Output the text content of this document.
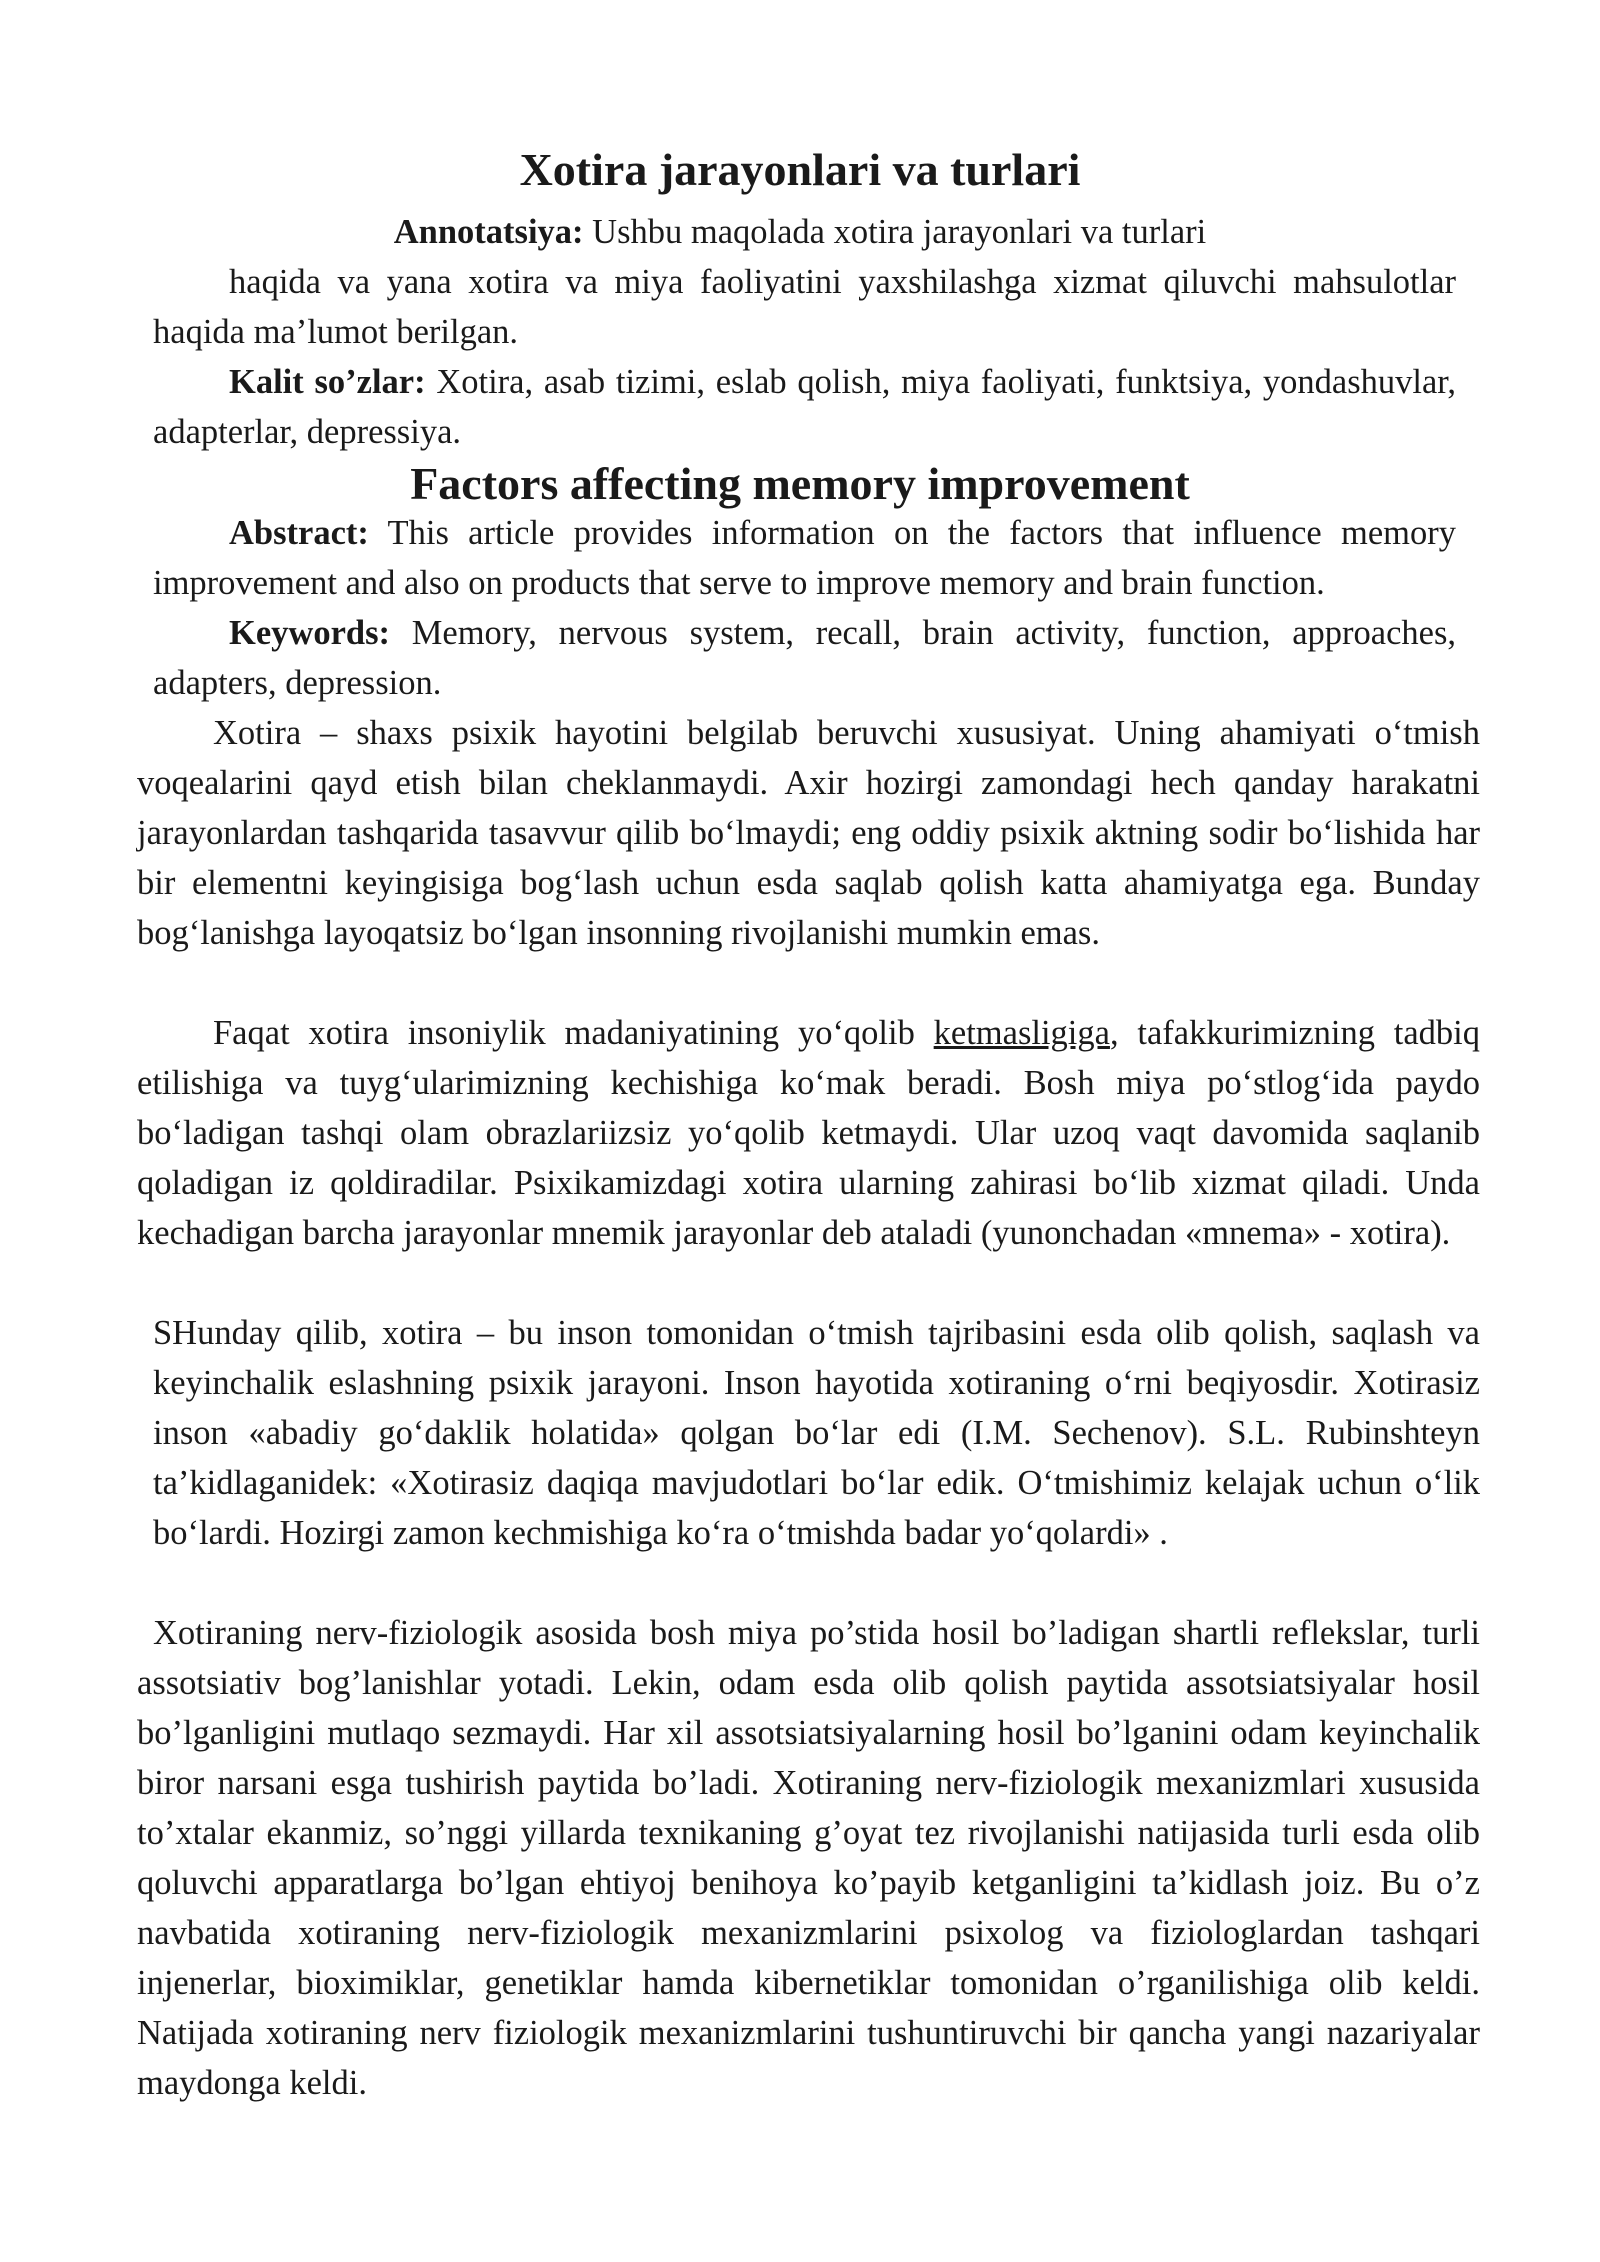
Xotira jarayonlari va turlari

Annotatsiya: Ushbu maqolada xotira jarayonlari va turlari

haqida va yana xotira va miya faoliyatini yaxshilashga xizmat qiluvchi mahsulotlar haqida ma’lumot berilgan.

Kalit so’zlar: Xotira, asab tizimi, eslab qolish, miya faoliyati, funktsiya, yondashuvlar, adapterlar, depressiya.

Factors affecting memory improvement

Abstract: This article provides information on the factors that influence memory improvement and also on products that serve to improve memory and brain function.

Keywords: Memory, nervous system, recall, brain activity, function, approaches, adapters, depression.

Xotira – shaxs psixik hayotini belgilab beruvchi xususiyat. Uning ahamiyati o‘tmish voqealarini qayd etish bilan cheklanmaydi. Axir hozirgi zamondagi hech qanday harakatni jarayonlardan tashqarida tasavvur qilib bo‘lmaydi; eng oddiy psixik aktning sodir bo‘lishida har bir elementni keyingisiga bog‘lash uchun esda saqlab qolish katta ahamiyatga ega. Bunday bog‘lanishga layoqatsiz bo‘lgan insonning rivojlanishi mumkin emas.

Faqat xotira insoniylik madaniyatining yo‘qolib ketmasligiga, tafakkurimizning tadbiq etilishiga va tuyg‘ularimizning kechishiga ko‘mak beradi. Bosh miya po‘stlog‘ida paydo bo‘ladigan tashqi olam obrazlariizsiz yo‘qolib ketmaydi. Ular uzoq vaqt davomida saqlanib qoladigan iz qoldiradilar. Psixikamizdagi xotira ularning zahirasi bo‘lib xizmat qiladi. Unda kechadigan barcha jarayonlar mnemik jarayonlar deb ataladi (yunonchadan «mnema» - xotira).

SHunday qilib, xotira – bu inson tomonidan o‘tmish tajribasini esda olib qolish, saqlash va keyinchalik eslashning psixik jarayoni. Inson hayotida xotiraning o‘rni beqiyosdir. Xotirasiz inson «abadiy go‘daklik holatida» qolgan bo‘lar edi (I.M. Sechenov). S.L. Rubinshteyn ta’kidlaganidek: «Xotirasiz daqiqa mavjudotlari bo‘lar edik. O‘tmishimiz kelajak uchun o‘lik bo‘lardi. Hozirgi zamon kechmishiga ko‘ra o‘tmishda badar yo‘qolardi» .

Xotiraning nerv-fiziologik asosida bosh miya po’stida hosil bo’ladigan shartli reflekslar, turli assotsiativ bog’lanishlar yotadi. Lekin, odam esda olib qolish paytida assotsiatsiyalar hosil bo’lganligini mutlaqo sezmaydi. Har xil assotsiatsiyalarning hosil bo’lganini odam keyinchalik biror narsani esga tushirish paytida bo’ladi. Xotiraning nerv-fiziologik mexanizmlari xususida to’xtalar ekanmiz, so’nggi yillarda texnikaning g’oyat tez rivojlanishi natijasida turli esda olib qoluvchi apparatlarga bo’lgan ehtiyoj benihoya ko’payib ketganligini ta’kidlash joiz. Bu o’z navbatida xotiraning nerv-fiziologik mexanizmlarini psixolog va fiziologlardan tashqari injenerlar, bioximiklar, genetiklar hamda kibernetiklar tomonidan o’rganilishiga olib keldi. Natijada xotiraning nerv fiziologik mexanizmlarini tushuntiruvchi bir qancha yangi nazariyalar maydonga keldi.
